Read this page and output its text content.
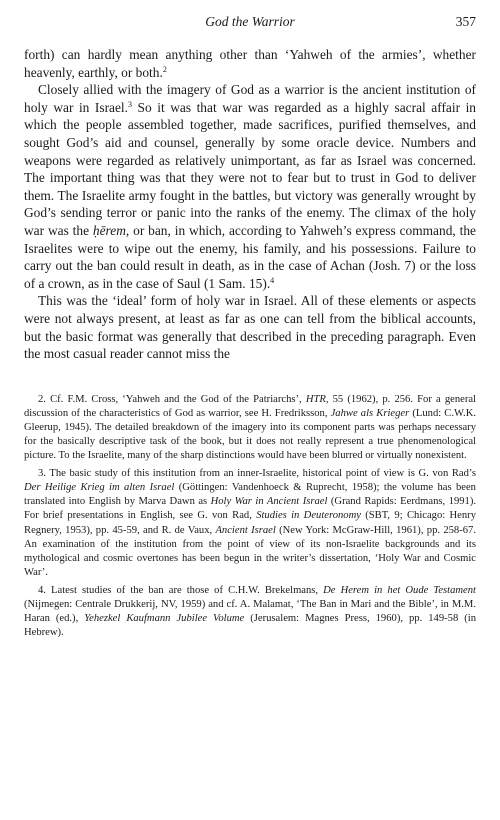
God the Warrior	357

forth) can hardly mean anything other than ‘Yahweh of the armies’, whether heavenly, earthly, or both.$^2$

Closely allied with the imagery of God as a warrior is the ancient institution of holy war in Israel.$^3$ So it was that war was regarded as a highly sacral affair in which the people assembled together, made sacrifices, purified themselves, and sought God’s aid and counsel, generally by some oracle device. Numbers and weapons were regarded as relatively unimportant, as far as Israel was concerned. The important thing was that they were not to fear but to trust in God to deliver them. The Israelite army fought in the battles, but victory was generally wrought by God’s sending terror or panic into the ranks of the enemy. The climax of the holy war was the ḥērem, or ban, in which, according to Yahweh’s express command, the Israelites were to wipe out the enemy, his family, and his possessions. Failure to carry out the ban could result in death, as in the case of Achan (Josh. 7) or the loss of a crown, as in the case of Saul (1 Sam. 15).$^4$

This was the ‘ideal’ form of holy war in Israel. All of these elements or aspects were not always present, at least as far as one can tell from the biblical accounts, but the basic format was generally that described in the preceding paragraph. Even the most casual reader cannot miss the

2. Cf. F.M. Cross, ‘Yahweh and the God of the Patriarchs’, HTR, 55 (1962), p. 256. For a general discussion of the characteristics of God as warrior, see H. Fredriksson, Jahwe als Krieger (Lund: C.W.K. Gleerup, 1945). The detailed breakdown of the imagery into its component parts was perhaps necessary for the basically descriptive task of the book, but it does not really represent a true phenomenological picture. To the Israelite, many of the sharp distinctions would have been blurred or virtually nonexistent.

3. The basic study of this institution from an inner-Israelite, historical point of view is G. von Rad’s Der Heilige Krieg im alten Israel (Göttingen: Vandenhoeck & Ruprecht, 1958); the volume has been translated into English by Marva Dawn as Holy War in Ancient Israel (Grand Rapids: Eerdmans, 1991). For brief presentations in English, see G. von Rad, Studies in Deuteronomy (SBT, 9; Chicago: Henry Regnery, 1953), pp. 45-59, and R. de Vaux, Ancient Israel (New York: McGraw-Hill, 1961), pp. 258-67. An examination of the institution from the point of view of its non-Israelite backgrounds and its mythological and cosmic overtones has been begun in the writer’s dissertation, ‘Holy War and Cosmic War’.

4. Latest studies of the ban are those of C.H.W. Brekelmans, De Herem in het Oude Testament (Nijmegen: Centrale Drukkerij, NV, 1959) and cf. A. Malamat, ‘The Ban in Mari and the Bible’, in M.M. Haran (ed.), Yehezkel Kaufmann Jubilee Volume (Jerusalem: Magnes Press, 1960), pp. 149-58 (in Hebrew).
